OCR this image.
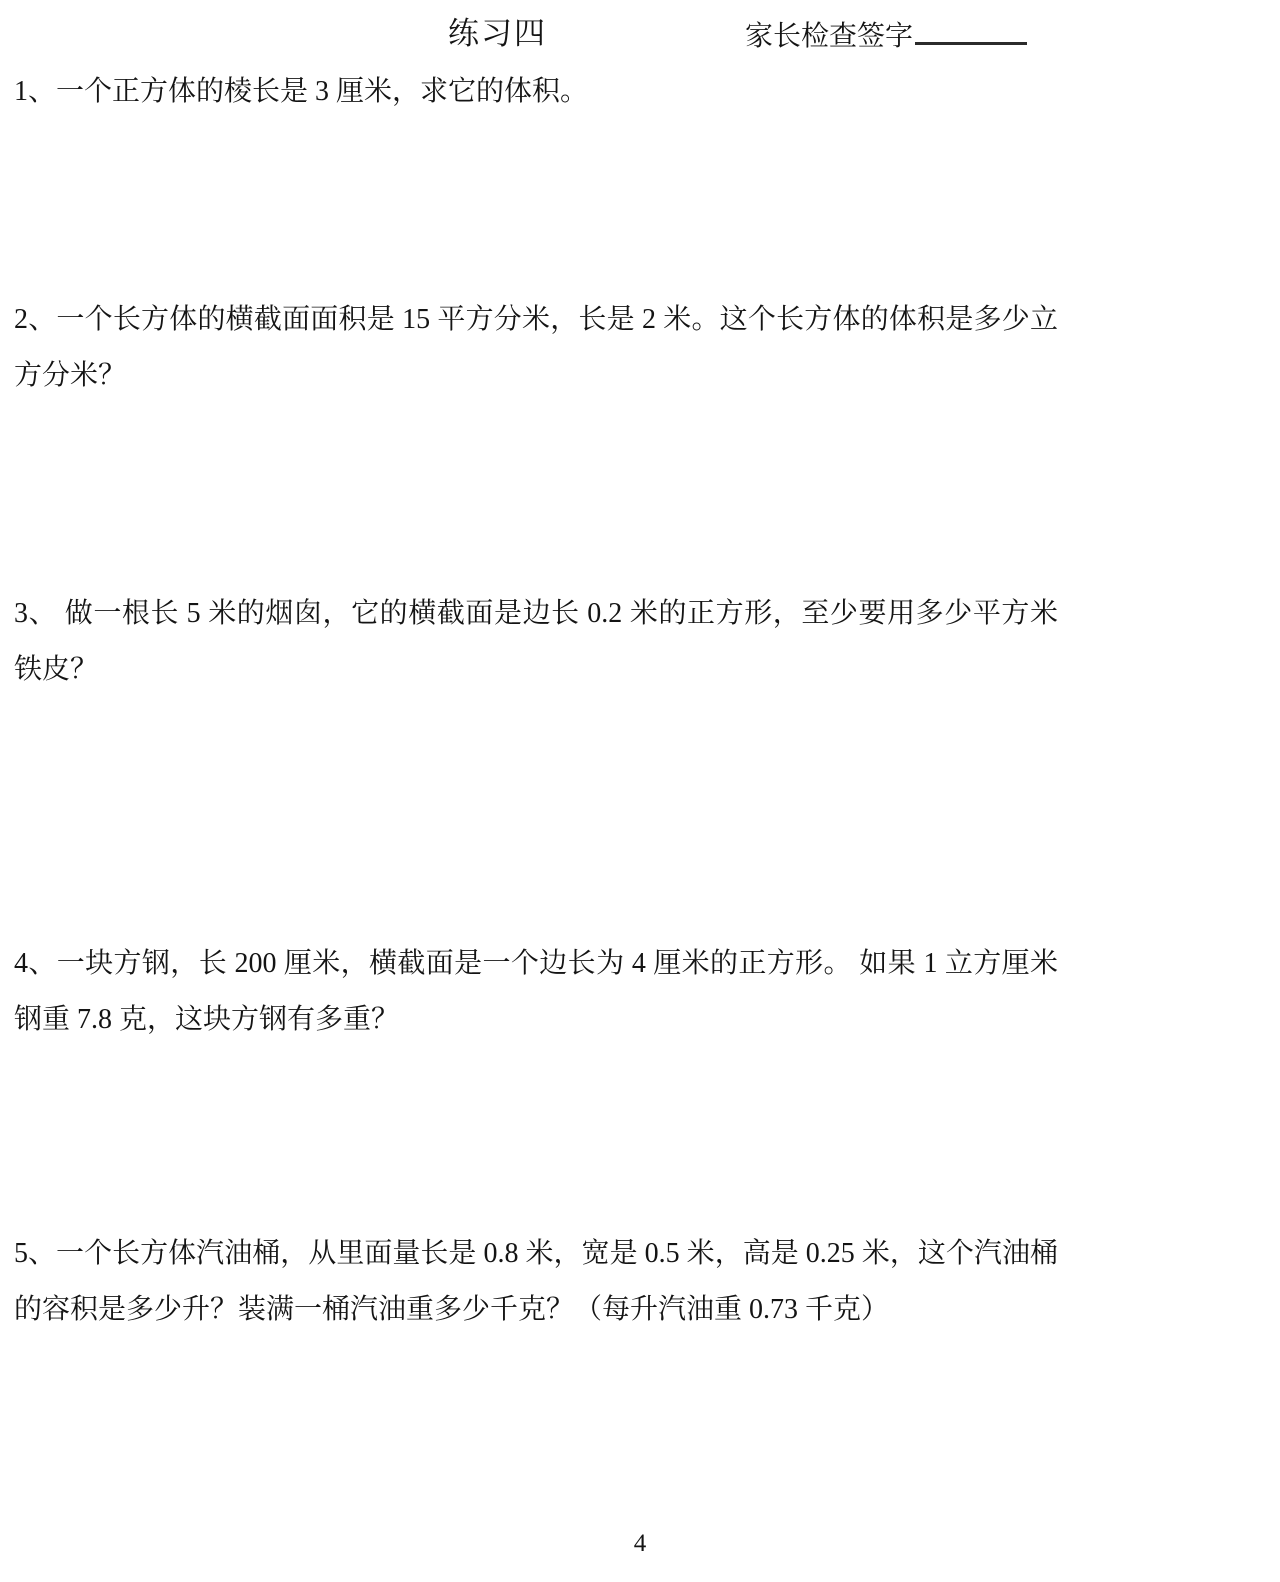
练习四	家长检查签字
1、一个正方体的棱长是 3 厘米，求它的体积。
2、一个长方体的横截面面积是 15 平方分米，长是 2 米。这个长方体的体积是多少立方分米？
3、 做一根长 5 米的烟囱，它的横截面是边长 0.2 米的正方形，至少要用多少平方米铁皮？
4、一块方钢，长 200 厘米，横截面是一个边长为 4 厘米的正方形。 如果 1 立方厘米钢重 7.8 克，这块方钢有多重？
5、一个长方体汽油桶，从里面量长是 0.8 米，宽是 0.5 米，高是 0.25 米，这个汽油桶的容积是多少升？装满一桶汽油重多少千克？（每升汽油重 0.73 千克）
4
